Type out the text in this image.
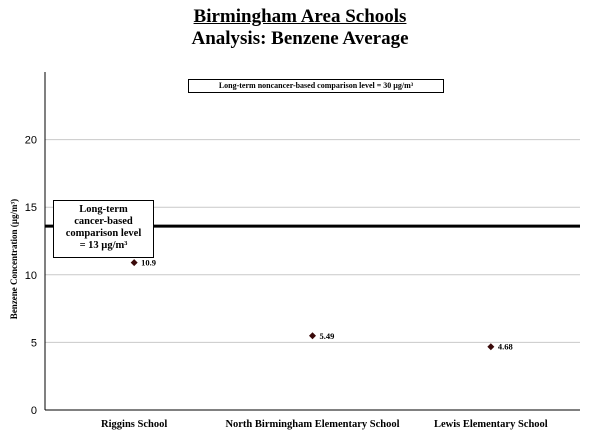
Birmingham Area Schools
Analysis: Benzene Average
0
5
10
15
20
10.9
5.49
4.68
Riggins School	North Birmingham Elementary School	Lewis Elementary School
Benzene Concentration (µg/m³)
Long-term noncancer-based comparison level = 30 µg/m³
Long-term
cancer-based
comparison level
= 13 µg/m³
